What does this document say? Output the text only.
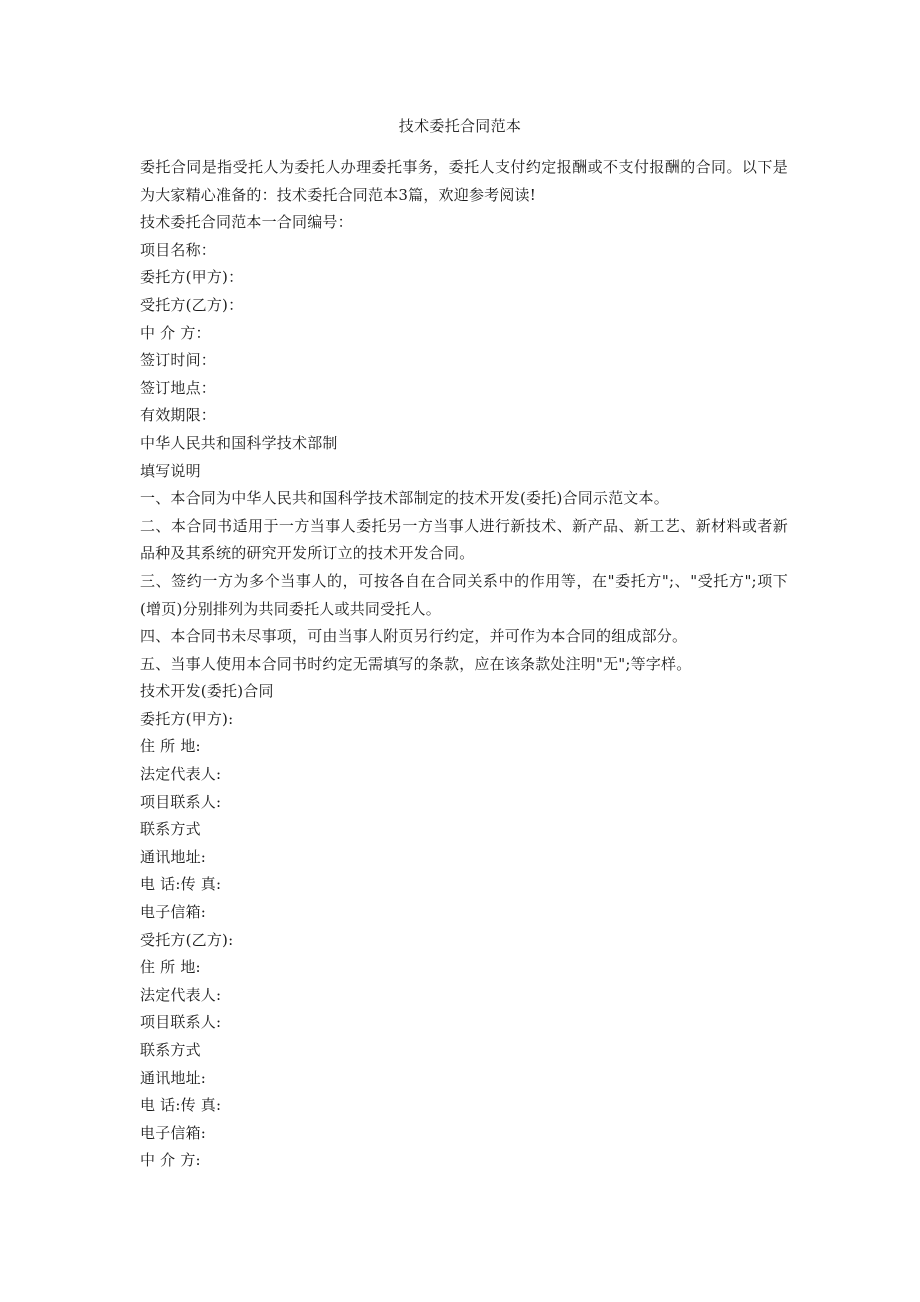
技术委托合同范本

委托合同是指受托人为委托人办理委托事务，委托人支付约定报酬或不支付报酬的合同。以下是为大家精心准备的：技术委托合同范本3篇，欢迎参考阅读!

技术委托合同范本一合同编号：

项目名称：

委托方(甲方)：

受托方(乙方)：

中 介 方：

签订时间：

签订地点：

有效期限：

中华人民共和国科学技术部制

填写说明

一、本合同为中华人民共和国科学技术部制定的技术开发(委托)合同示范文本。

二、本合同书适用于一方当事人委托另一方当事人进行新技术、新产品、新工艺、新材料或者新品种及其系统的研究开发所订立的技术开发合同。

三、签约一方为多个当事人的，可按各自在合同关系中的作用等，在"委托方";、"受托方";项下(增页)分别排列为共同委托人或共同受托人。

四、本合同书未尽事项，可由当事人附页另行约定，并可作为本合同的组成部分。

五、当事人使用本合同书时约定无需填写的条款，应在该条款处注明"无";等字样。

技术开发(委托)合同

委托方(甲方):

住 所 地:

法定代表人:

项目联系人:

联系方式

通讯地址:

电 话:传 真:

电子信箱:

受托方(乙方):

住 所 地:

法定代表人:

项目联系人:

联系方式

通讯地址:

电 话:传 真:

电子信箱:

中 介 方:
